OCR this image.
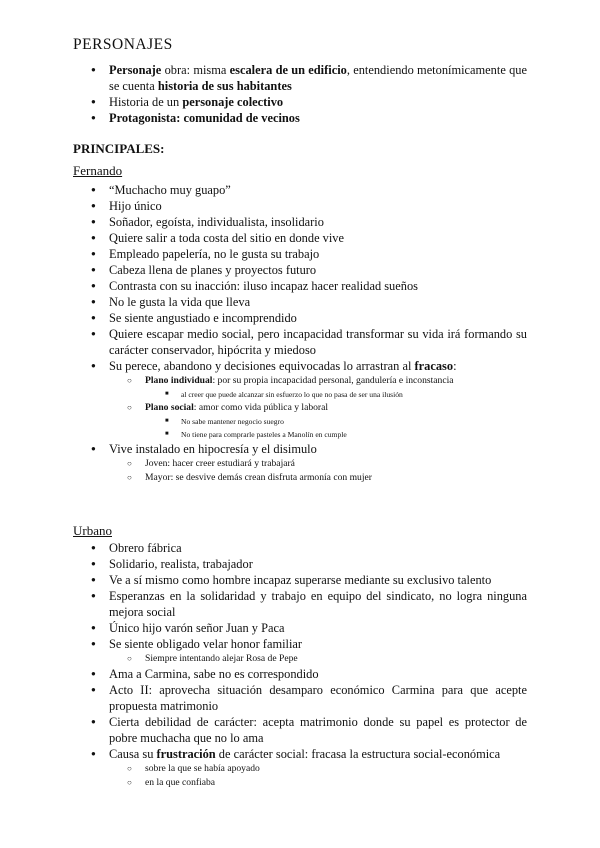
PERSONAJES
● Personaje obra: misma escalera de un edificio, entendiendo metonímicamente que se cuenta historia de sus habitantes
● Historia de un personaje colectivo
● Protagonista: comunidad de vecinos
PRINCIPALES:
Fernando
● “Muchacho muy guapo”
● Hijo único
● Soñador, egoísta, individualista, insolidario
● Quiere salir a toda costa del sitio en donde vive
● Empleado papelería, no le gusta su trabajo
● Cabeza llena de planes y proyectos futuro
● Contrasta con su inacción: iluso incapaz hacer realidad sueños
● No le gusta la vida que lleva
● Se siente angustiado e incomprendido
● Quiere escapar medio social, pero incapacidad transformar su vida irá formando su carácter conservador, hipócrita y miedoso
● Su perece, abandono y decisiones equivocadas lo arrastran al fracaso:
○ Plano individual: por su propia incapacidad personal, gandulería e inconstancia
■ al creer que puede alcanzar sin esfuerzo lo que no pasa de ser una ilusión
○ Plano social: amor como vida pública y laboral
■ No sabe mantener negocio suegro
■ No tiene para comprarle pasteles a Manolín en cumple
● Vive instalado en hipocresía y el disimulo
○ Joven: hacer creer estudiará y trabajará
○ Mayor: se desvive demás crean disfruta armonía con mujer
Urbano
● Obrero fábrica
● Solidario, realista, trabajador
● Ve a sí mismo como hombre incapaz superarse mediante su exclusivo talento
● Esperanzas en la solidaridad y trabajo en equipo del sindicato, no logra ninguna mejora social
● Único hijo varón señor Juan y Paca
● Se siente obligado velar honor familiar
○ Siempre intentando alejar Rosa de Pepe
● Ama a Carmina, sabe no es correspondido
● Acto II: aprovecha situación desamparo económico Carmina para que acepte propuesta matrimonio
● Cierta debilidad de carácter: acepta matrimonio donde su papel es protector de pobre muchacha que no lo ama
● Causa su frustración de carácter social: fracasa la estructura social-económica
○ sobre la que se había apoyado
○ en la que confiaba
